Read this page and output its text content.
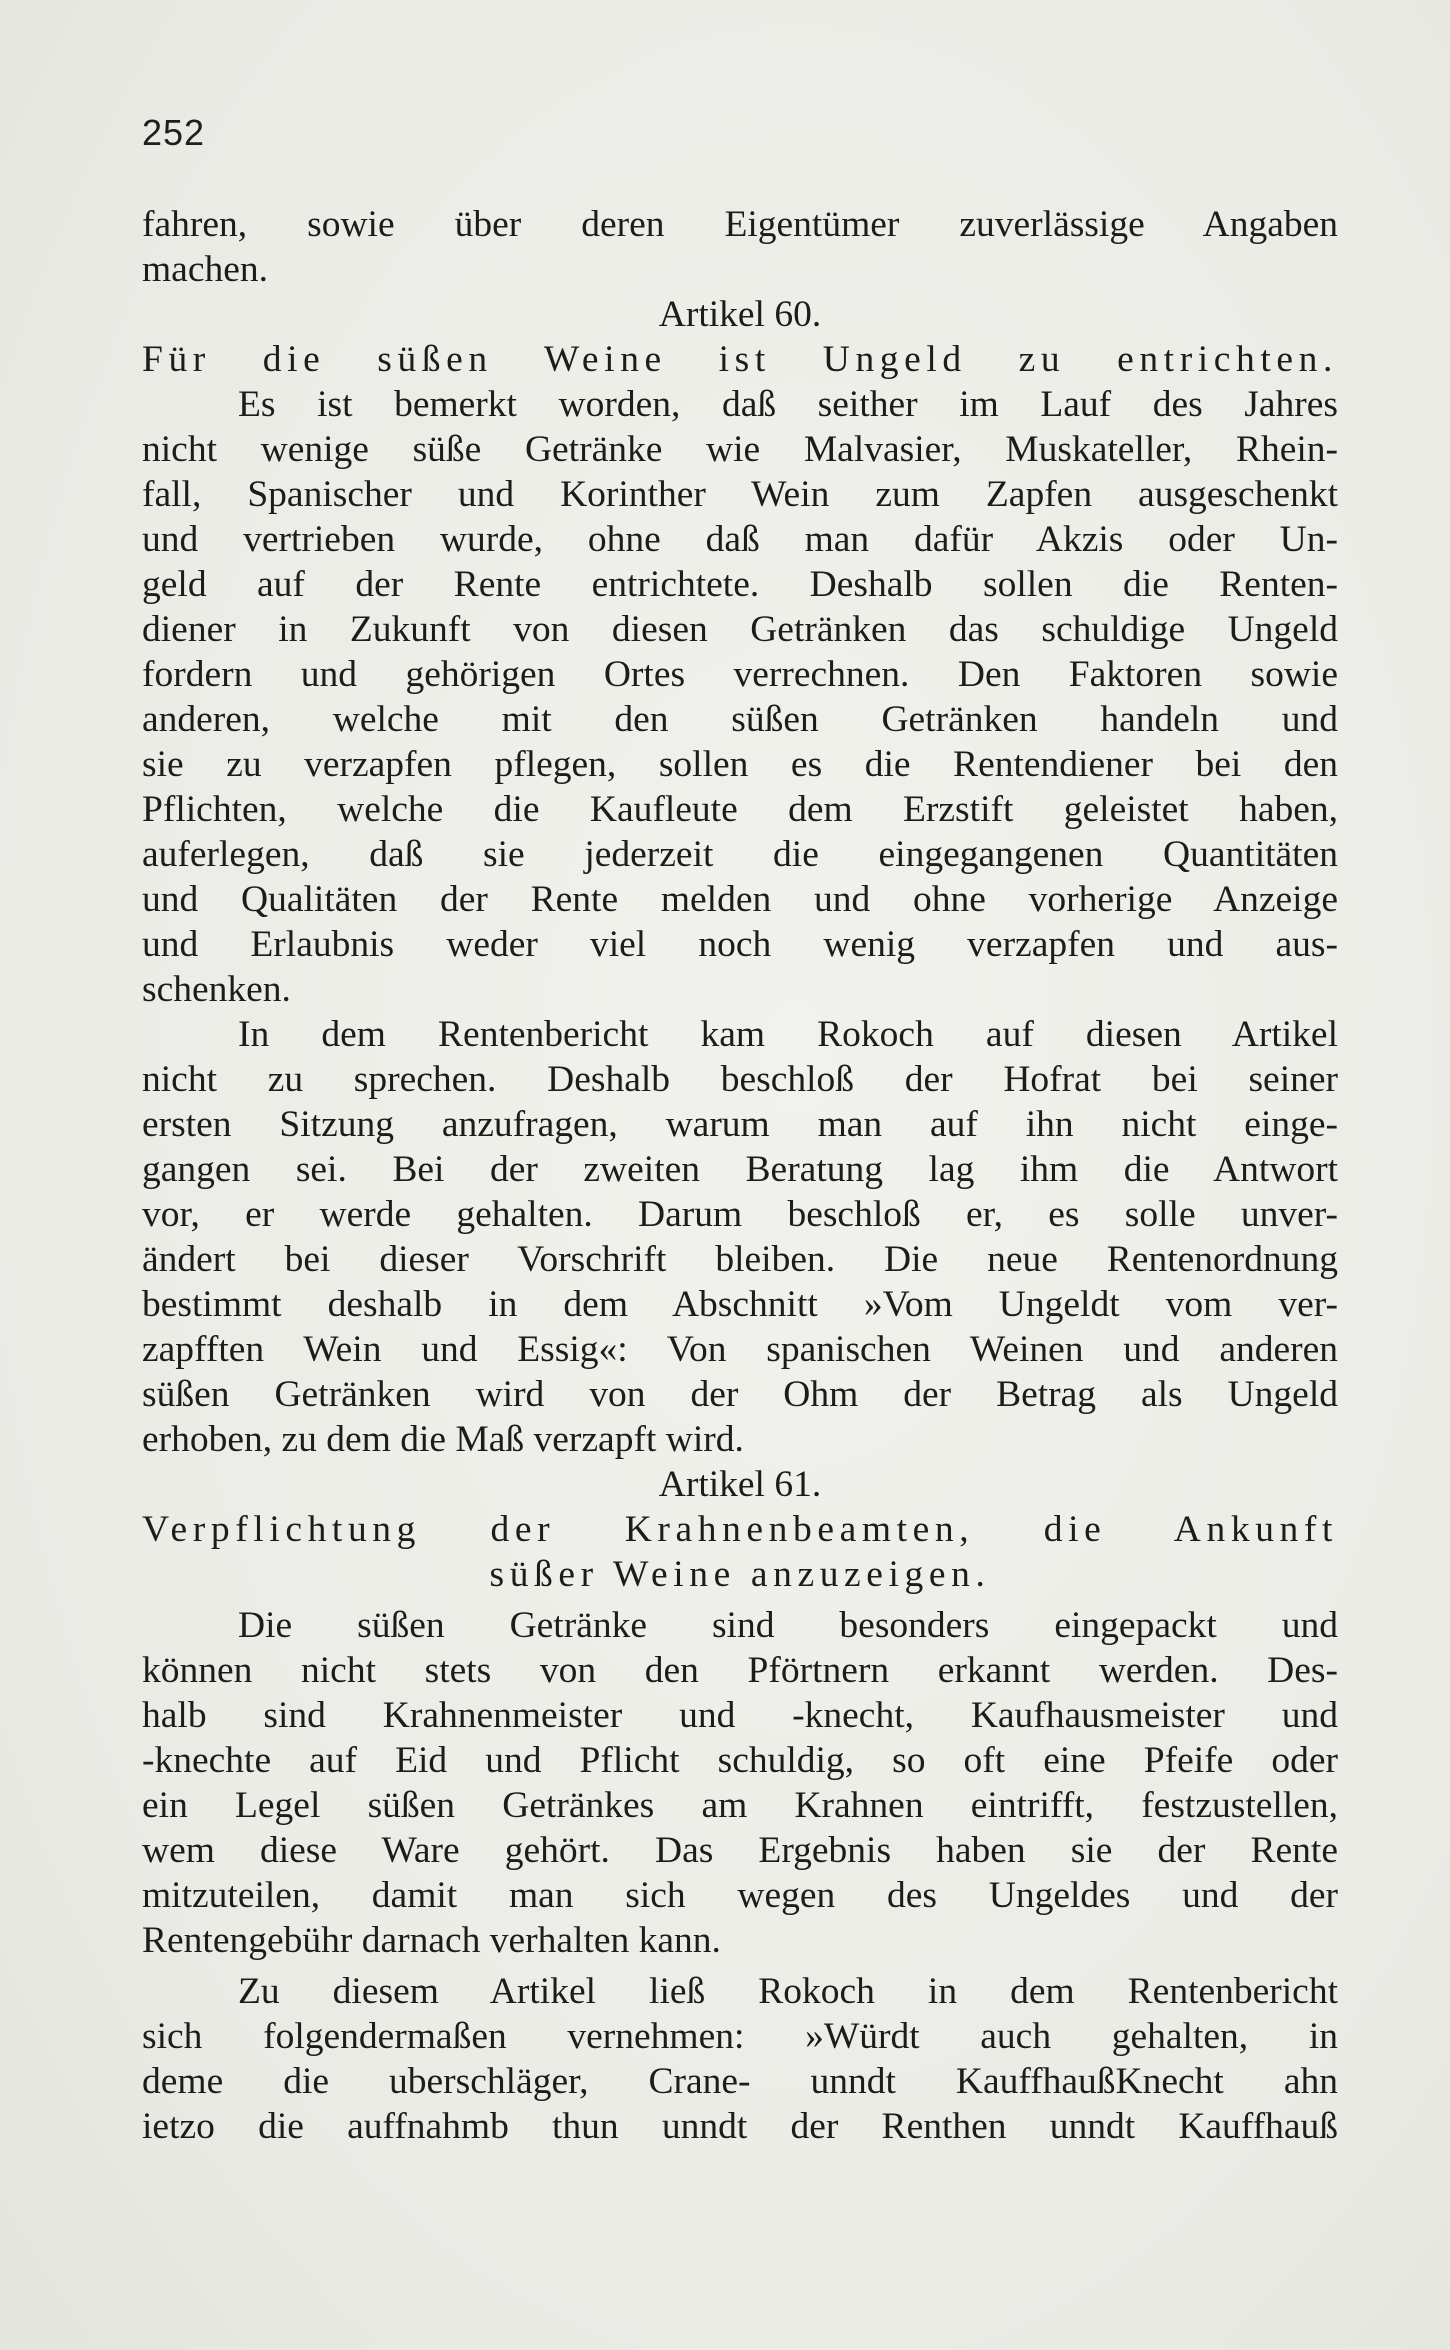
252
fahren, sowie über deren Eigentümer zuverlässige Angaben
machen.
Artikel 60.
Für die süßen Weine ist Ungeld zu entrichten.
Es ist bemerkt worden, daß seither im Lauf des Jahres
nicht wenige süße Getränke wie Malvasier, Muskateller, Rhein-
fall, Spanischer und Korinther Wein zum Zapfen ausgeschenkt
und vertrieben wurde, ohne daß man dafür Akzis oder Un-
geld auf der Rente entrichtete. Deshalb sollen die Renten-
diener in Zukunft von diesen Getränken das schuldige Ungeld
fordern und gehörigen Ortes verrechnen. Den Faktoren sowie
anderen, welche mit den süßen Getränken handeln und
sie zu verzapfen pflegen, sollen es die Rentendiener bei den
Pflichten, welche die Kaufleute dem Erzstift geleistet haben,
auferlegen, daß sie jederzeit die eingegangenen Quantitäten
und Qualitäten der Rente melden und ohne vorherige Anzeige
und Erlaubnis weder viel noch wenig verzapfen und aus-
schenken.
In dem Rentenbericht kam Rokoch auf diesen Artikel
nicht zu sprechen. Deshalb beschloß der Hofrat bei seiner
ersten Sitzung anzufragen, warum man auf ihn nicht einge-
gangen sei. Bei der zweiten Beratung lag ihm die Antwort
vor, er werde gehalten. Darum beschloß er, es solle unver-
ändert bei dieser Vorschrift bleiben. Die neue Rentenordnung
bestimmt deshalb in dem Abschnitt »Vom Ungeldt vom ver-
zapfften Wein und Essig«: Von spanischen Weinen und anderen
süßen Getränken wird von der Ohm der Betrag als Ungeld
erhoben, zu dem die Maß verzapft wird.
Artikel 61.
Verpflichtung der Krahnenbeamten, die Ankunft
süßer Weine anzuzeigen.
Die süßen Getränke sind besonders eingepackt und
können nicht stets von den Pförtnern erkannt werden. Des-
halb sind Krahnenmeister und -knecht, Kaufhausmeister und
-knechte auf Eid und Pflicht schuldig, so oft eine Pfeife oder
ein Legel süßen Getränkes am Krahnen eintrifft, festzustellen,
wem diese Ware gehört. Das Ergebnis haben sie der Rente
mitzuteilen, damit man sich wegen des Ungeldes und der
Rentengebühr darnach verhalten kann.
Zu diesem Artikel ließ Rokoch in dem Rentenbericht
sich folgendermaßen vernehmen: »Würdt auch gehalten, in
deme die uberschläger, Crane- unndt KauffhaußKnecht ahn
ietzo die auffnahmb thun unndt der Renthen unndt Kauffhauß
